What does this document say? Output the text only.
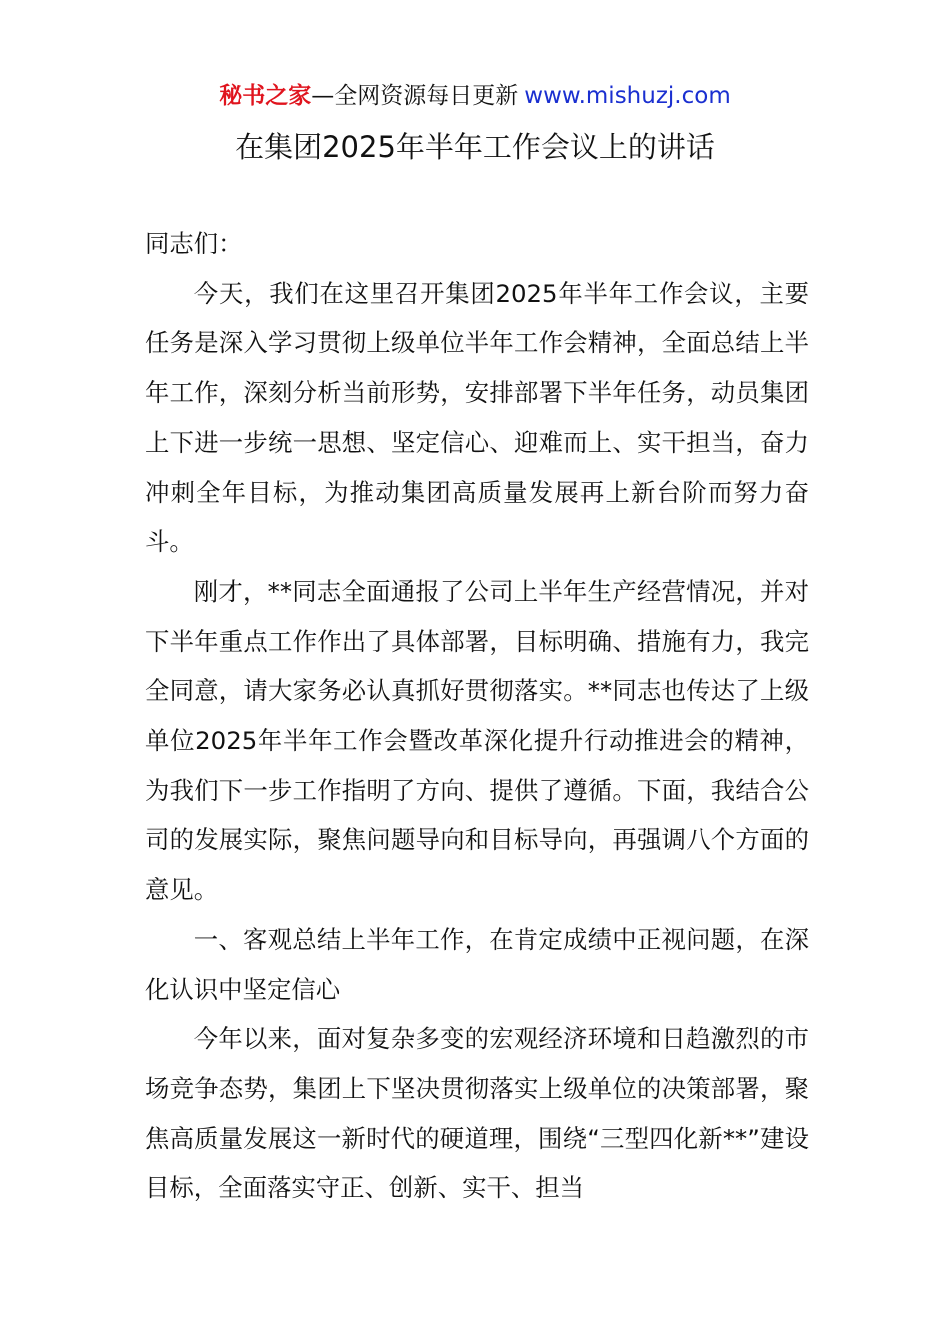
秘书之家—全网资源每日更新 www.mishuzj.com
在集团2025年半年工作会议上的讲话

同志们：

今天，我们在这里召开集团2025年半年工作会议，主要任务是深入学习贯彻上级单位半年工作会精神，全面总结上半年工作，深刻分析当前形势，安排部署下半年任务，动员集团上下进一步统一思想、坚定信心、迎难而上、实干担当，奋力冲刺全年目标，为推动集团高质量发展再上新台阶而努力奋斗。

刚才，**同志全面通报了公司上半年生产经营情况，并对下半年重点工作作出了具体部署，目标明确、措施有力，我完全同意，请大家务必认真抓好贯彻落实。**同志也传达了上级单位2025年半年工作会暨改革深化提升行动推进会的精神，为我们下一步工作指明了方向、提供了遵循。下面，我结合公司的发展实际，聚焦问题导向和目标导向，再强调八个方面的意见。

一、客观总结上半年工作，在肯定成绩中正视问题，在深化认识中坚定信心

今年以来，面对复杂多变的宏观经济环境和日趋激烈的市场竞争态势，集团上下坚决贯彻落实上级单位的决策部署，聚焦高质量发展这一新时代的硬道理，围绕“三型四化新**”建设目标，全面落实守正、创新、实干、担当
